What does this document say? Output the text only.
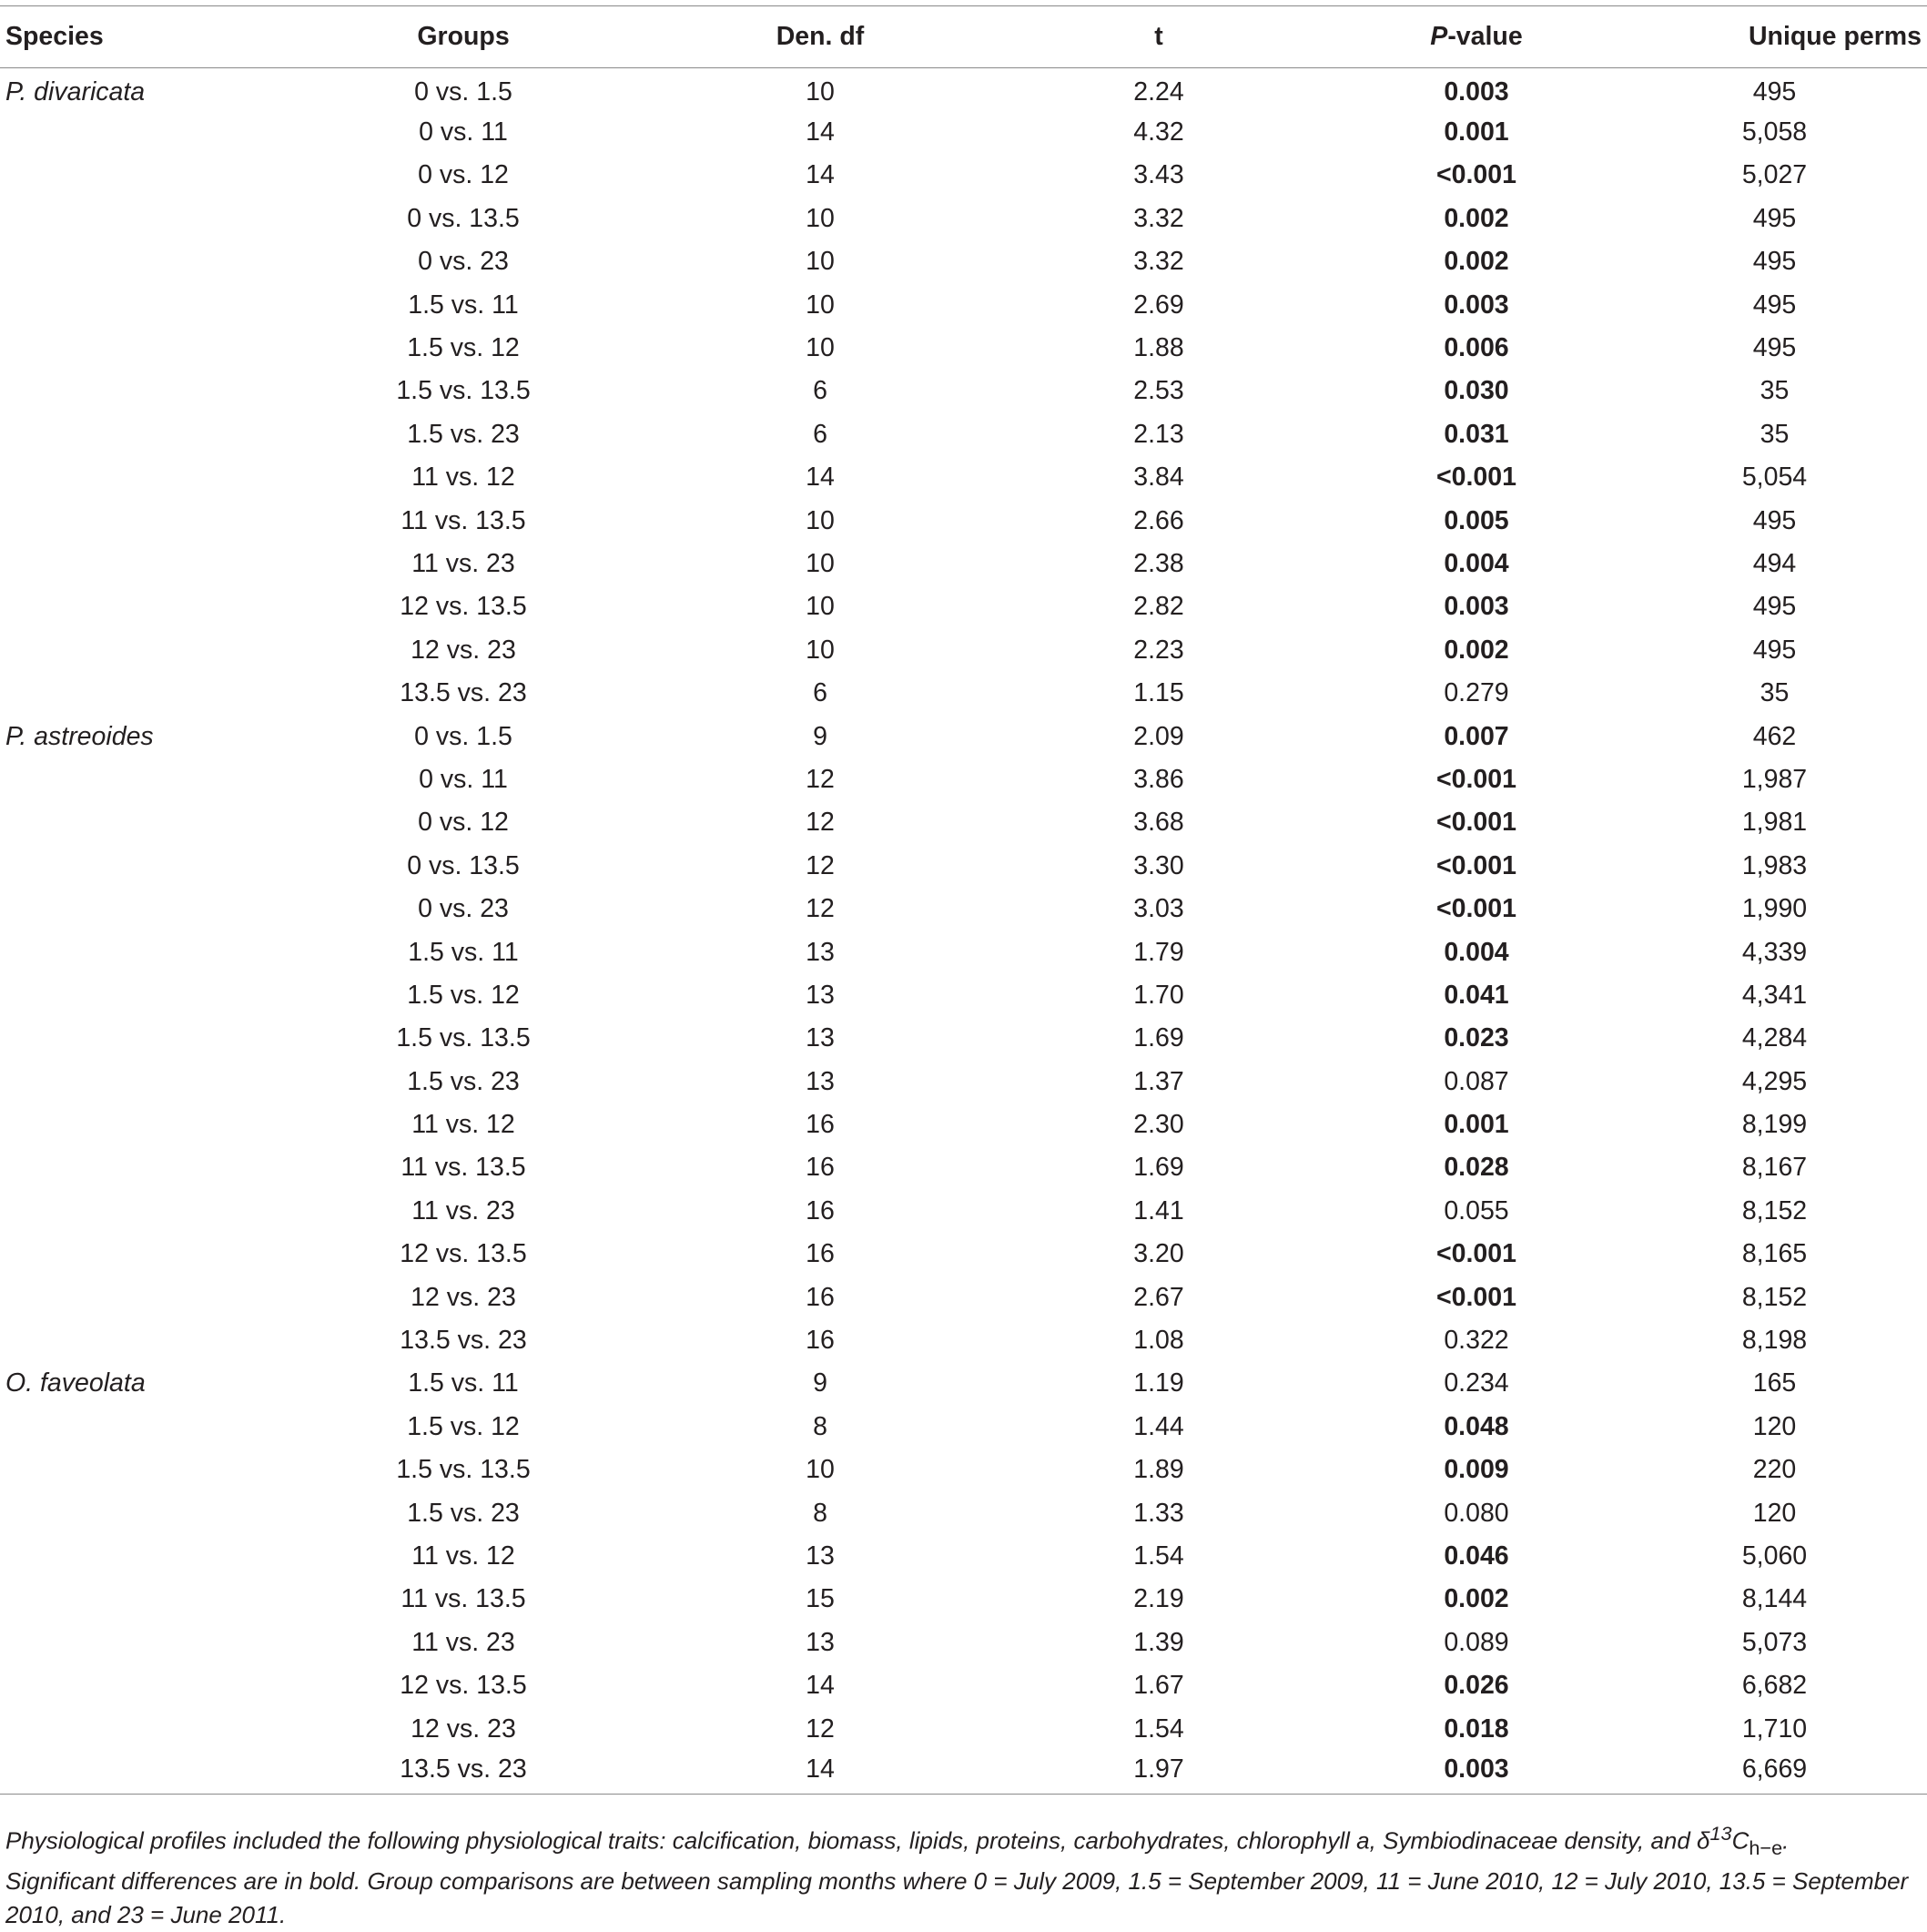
Species	Groups	Den. df	t	P-value	Unique perms
P. divaricata	0 vs. 1.5	10	2.24	0.003	495
	0 vs. 11	14	4.32	0.001	5,058
	0 vs. 12	14	3.43	<0.001	5,027
	0 vs. 13.5	10	3.32	0.002	495
	0 vs. 23	10	3.32	0.002	495
	1.5 vs. 11	10	2.69	0.003	495
	1.5 vs. 12	10	1.88	0.006	495
	1.5 vs. 13.5	6	2.53	0.030	35
	1.5 vs. 23	6	2.13	0.031	35
	11 vs. 12	14	3.84	<0.001	5,054
	11 vs. 13.5	10	2.66	0.005	495
	11 vs. 23	10	2.38	0.004	494
	12 vs. 13.5	10	2.82	0.003	495
	12 vs. 23	10	2.23	0.002	495
	13.5 vs. 23	6	1.15	0.279	35
P. astreoides	0 vs. 1.5	9	2.09	0.007	462
	0 vs. 11	12	3.86	<0.001	1,987
	0 vs. 12	12	3.68	<0.001	1,981
	0 vs. 13.5	12	3.30	<0.001	1,983
	0 vs. 23	12	3.03	<0.001	1,990
	1.5 vs. 11	13	1.79	0.004	4,339
	1.5 vs. 12	13	1.70	0.041	4,341
	1.5 vs. 13.5	13	1.69	0.023	4,284
	1.5 vs. 23	13	1.37	0.087	4,295
	11 vs. 12	16	2.30	0.001	8,199
	11 vs. 13.5	16	1.69	0.028	8,167
	11 vs. 23	16	1.41	0.055	8,152
	12 vs. 13.5	16	3.20	<0.001	8,165
	12 vs. 23	16	2.67	<0.001	8,152
	13.5 vs. 23	16	1.08	0.322	8,198
O. faveolata	1.5 vs. 11	9	1.19	0.234	165
	1.5 vs. 12	8	1.44	0.048	120
	1.5 vs. 13.5	10	1.89	0.009	220
	1.5 vs. 23	8	1.33	0.080	120
	11 vs. 12	13	1.54	0.046	5,060
	11 vs. 13.5	15	2.19	0.002	8,144
	11 vs. 23	13	1.39	0.089	5,073
	12 vs. 13.5	14	1.67	0.026	6,682
	12 vs. 23	12	1.54	0.018	1,710
	13.5 vs. 23	14	1.97	0.003	6,669

Physiological profiles included the following physiological traits: calcification, biomass, lipids, proteins, carbohydrates, chlorophyll a, Symbiodinaceae density, and $\delta^{13}C_{h-e}$.
Significant differences are in bold. Group comparisons are between sampling months where 0 = July 2009, 1.5 = September 2009, 11 = June 2010, 12 = July 2010, 13.5 = September 2010, and 23 = June 2011.
